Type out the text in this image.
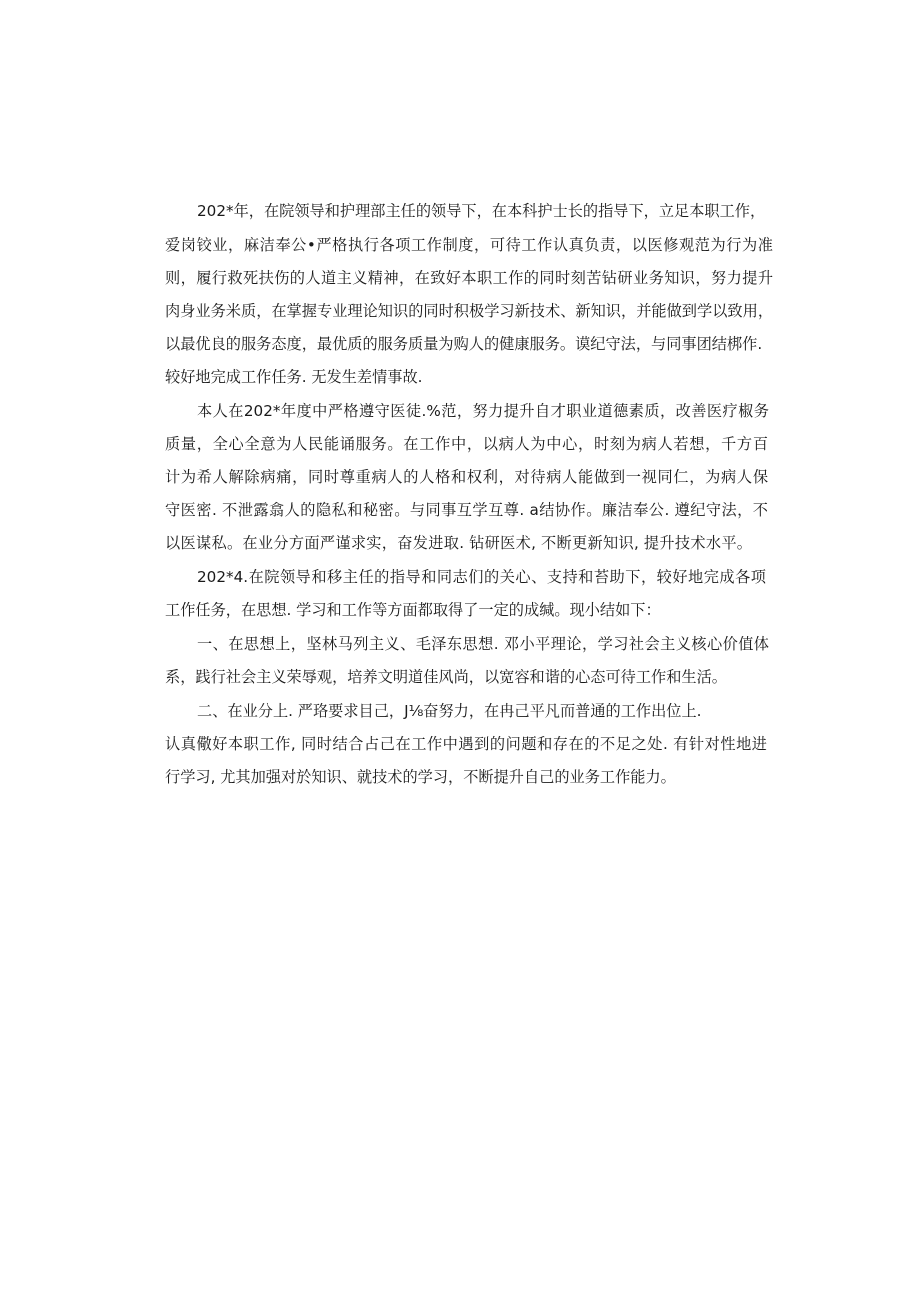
202*年，在院领导和护理部主任的领导下，在本科护士长的指导下，立足本职工作，

爱岗铰业，麻洁奉公•严格执行各项工作制度，可待工作认真负责，以医修观范为行为准

则，履行救死扶伤的人道主义精神，在致好本职工作的同时刻苦钻研业务知识，努力提升

肉身业务米质，在掌握专业理论知识的同时积极学习新技术、新知识，并能做到学以致用，

以最优良的服务态度，最优质的服务质量为购人的健康服务。谟纪守法，与同事团结梆作.

较好地完成工作任务. 无发生差情事故.

本人在202*年度中严格遵守医徒.%范，努力提升自才职业道德素质，改善医疗椒务

质量，全心全意为人民能诵服务。在工作中，以病人为中心，时刻为病人若想，千方百

计为希人解除病痛，同时尊重病人的人格和权利，对待病人能做到一视同仁，为病人保

守医密. 不泄露翕人的隐私和秘密。与同事互学互尊. a结协作。廉洁奉公. 遵纪守法，不

以医谋私。在业分方面严谨求实，奋发进取. 钻研医术, 不断更新知识, 提升技术水平。

202*4.在院领导和移主任的指导和同志们的关心、支持和苔助下，较好地完成各项

工作任务，在思想. 学习和工作等方面都取得了一定的成缄。现小结如下：

一、在思想上，坚林马列主义、毛泽东思想. 邓小平理论，学习社会主义核心价值体

系，践行社会主义荣辱观，培养文明道佳风尚，以宽容和谐的心态可待工作和生活。

二、在业分上. 严珞要求目己，J⅛奋努力，在冉己平凡而普通的工作出位上.

认真儆好本职工作, 同时结合占己在工作中遇到的问题和存在的不足之处. 有针对性地进

行学习, 尤其加强对於知识、就技术的学习，不断提升自己的业务工作能力。
